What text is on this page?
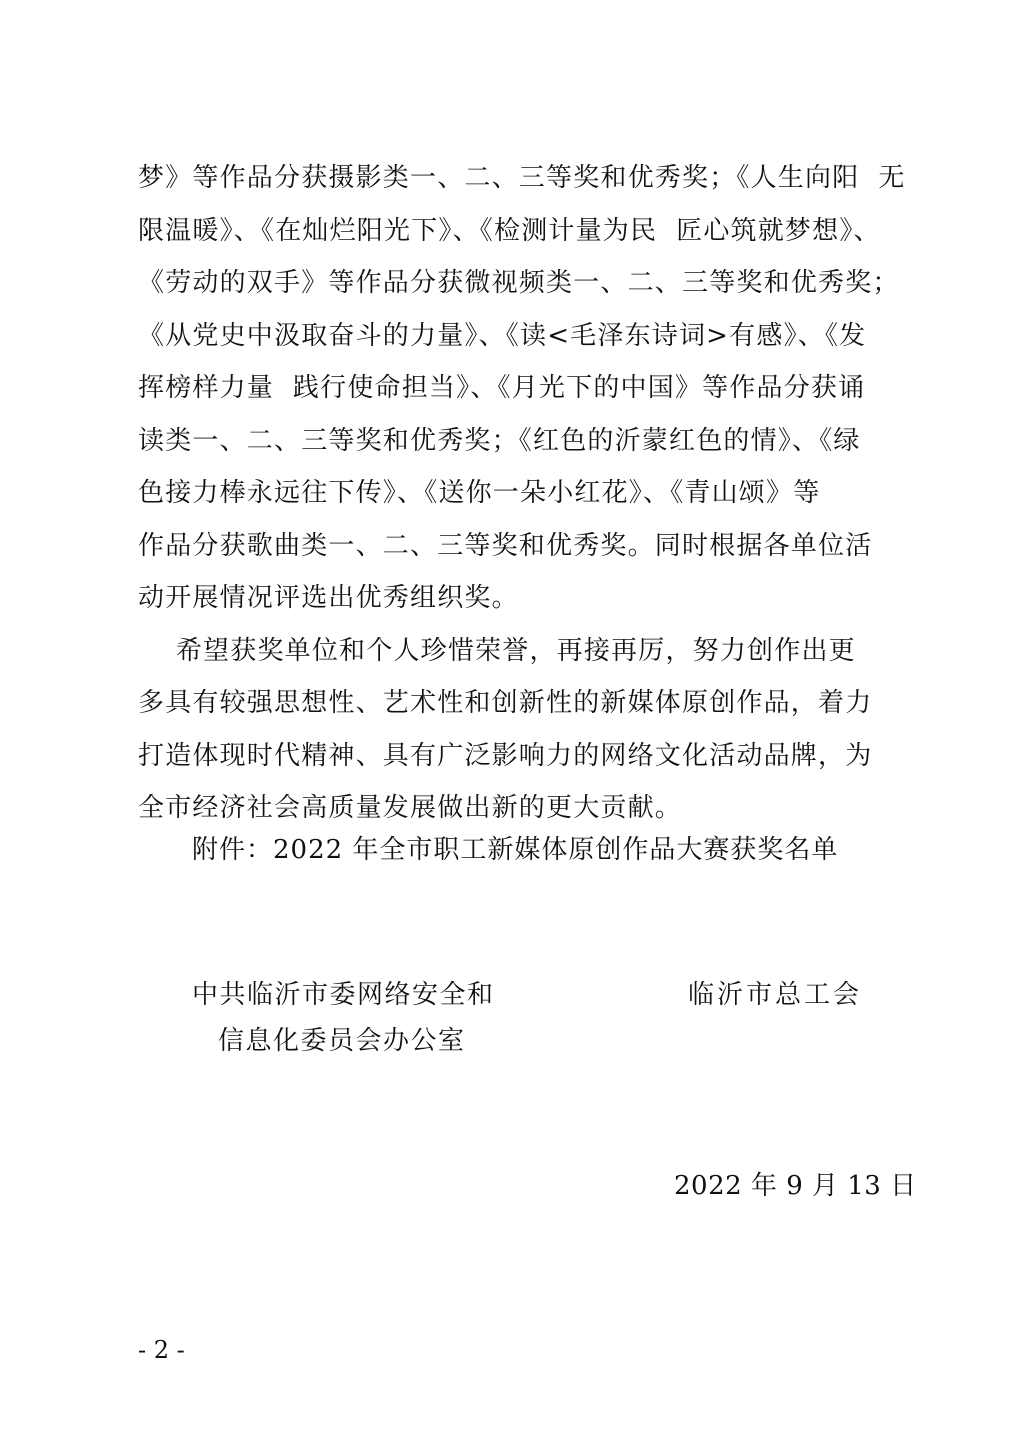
梦》等作品分获摄影类一、二、三等奖和优秀奖；《人生向阳  无
限温暖》、《在灿烂阳光下》、《检测计量为民  匠心筑就梦想》、
《劳动的双手》等作品分获微视频类一、二、三等奖和优秀奖；
《从党史中汲取奋斗的力量》、《读<毛泽东诗词>有感》、《发
挥榜样力量  践行使命担当》、《月光下的中国》等作品分获诵
读类一、二、三等奖和优秀奖；《红色的沂蒙红色的情》、《绿
色接力棒永远往下传》、《送你一朵小红花》、《青山颂》等
作品分获歌曲类一、二、三等奖和优秀奖。同时根据各单位活
动开展情况评选出优秀组织奖。
希望获奖单位和个人珍惜荣誉，再接再厉，努力创作出更
多具有较强思想性、艺术性和创新性的新媒体原创作品，着力
打造体现时代精神、具有广泛影响力的网络文化活动品牌，为
全市经济社会高质量发展做出新的更大贡献。
附件：2022 年全市职工新媒体原创作品大赛获奖名单
中共临沂市委网络安全和
信息化委员会办公室
临沂市总工会
2022 年 9 月 13 日
- 2 -
